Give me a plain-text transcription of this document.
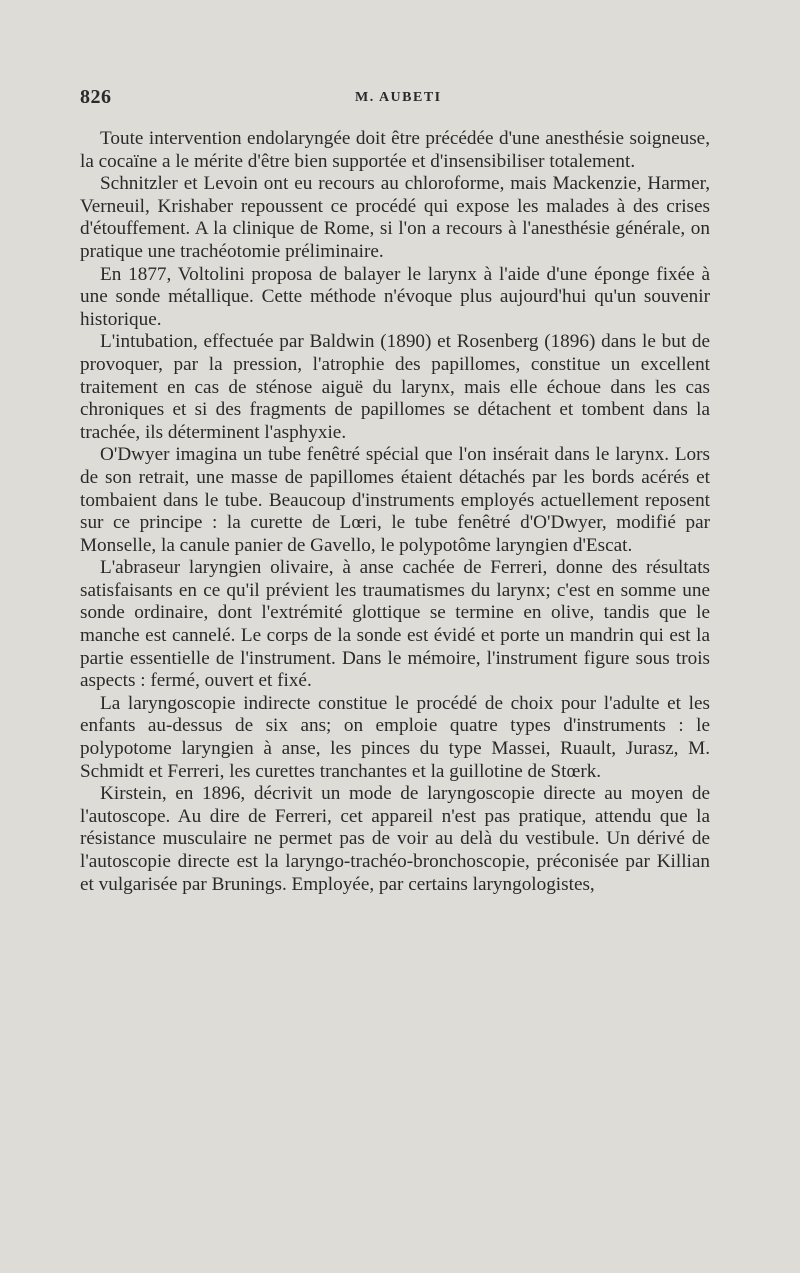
826	M. AUBETI

Toute intervention endolaryngée doit être précédée d'une anesthésie soigneuse, la cocaïne a le mérite d'être bien supportée et d'insensibiliser totalement.

Schnitzler et Levoin ont eu recours au chloroforme, mais Mackenzie, Harmer, Verneuil, Krishaber repoussent ce procédé qui expose les malades à des crises d'étouffement. A la clinique de Rome, si l'on a recours à l'anesthésie générale, on pratique une trachéotomie préliminaire.

En 1877, Voltolini proposa de balayer le larynx à l'aide d'une éponge fixée à une sonde métallique. Cette méthode n'évoque plus aujourd'hui qu'un souvenir historique.

L'intubation, effectuée par Baldwin (1890) et Rosenberg (1896) dans le but de provoquer, par la pression, l'atrophie des papillomes, constitue un excellent traitement en cas de sténose aiguë du larynx, mais elle échoue dans les cas chroniques et si des fragments de papillomes se détachent et tombent dans la trachée, ils déterminent l'asphyxie.

O'Dwyer imagina un tube fenêtré spécial que l'on insérait dans le larynx. Lors de son retrait, une masse de papillomes étaient détachés par les bords acérés et tombaient dans le tube. Beaucoup d'instruments employés actuellement reposent sur ce principe : la curette de Lœri, le tube fenêtré d'O'Dwyer, modifié par Monselle, la canule panier de Gavello, le polypotôme laryngien d'Escat.

L'abraseur laryngien olivaire, à anse cachée de Ferreri, donne des résultats satisfaisants en ce qu'il prévient les traumatismes du larynx; c'est en somme une sonde ordinaire, dont l'extrémité glottique se termine en olive, tandis que le manche est cannelé. Le corps de la sonde est évidé et porte un mandrin qui est la partie essentielle de l'instrument. Dans le mémoire, l'instrument figure sous trois aspects : fermé, ouvert et fixé.

La laryngoscopie indirecte constitue le procédé de choix pour l'adulte et les enfants au-dessus de six ans; on emploie quatre types d'instruments : le polypotome laryngien à anse, les pinces du type Massei, Ruault, Jurasz, M. Schmidt et Ferreri, les curettes tranchantes et la guillotine de Stœrk.

Kirstein, en 1896, décrivit un mode de laryngoscopie directe au moyen de l'autoscope. Au dire de Ferreri, cet appareil n'est pas pratique, attendu que la résistance musculaire ne permet pas de voir au delà du vestibule. Un dérivé de l'autoscopie directe est la laryngo-trachéo-bronchoscopie, préconisée par Killian et vulgarisée par Brunings. Employée, par certains laryngologistes,
